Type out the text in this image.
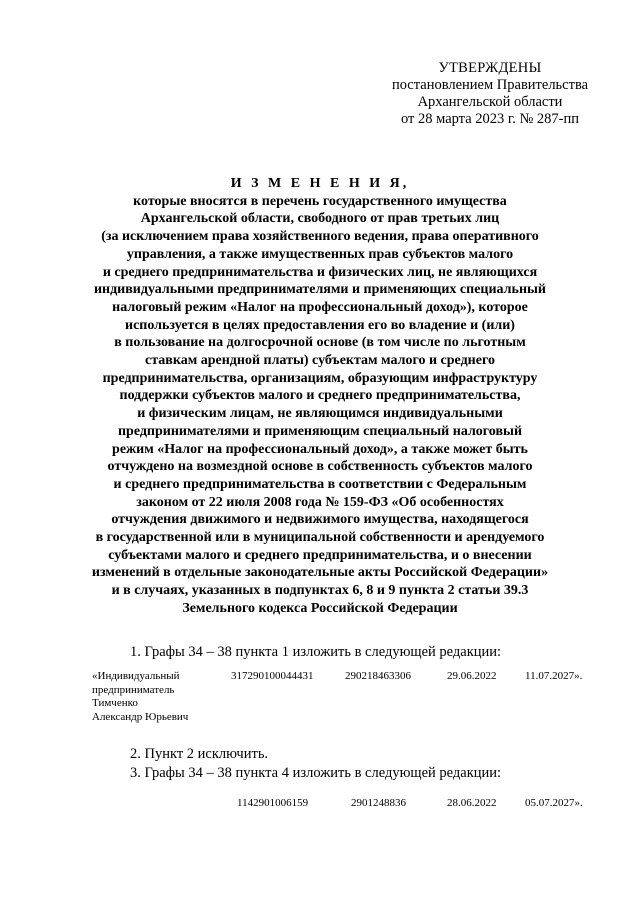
УТВЕРЖДЕНЫ
постановлением Правительства
Архангельской области
от 28 марта 2023 г. № 287-пп
И З М Е Н Е Н И Я,
которые вносятся в перечень государственного имущества
Архангельской области, свободного от прав третьих лиц
(за исключением права хозяйственного ведения, права оперативного
управления, а также имущественных прав субъектов малого
и среднего предпринимательства и физических лиц, не являющихся
индивидуальными предпринимателями и применяющих специальный
налоговый режим «Налог на профессиональный доход»), которое
используется в целях предоставления его во владение и (или)
в пользование на долгосрочной основе (в том числе по льготным
ставкам арендной платы) субъектам малого и среднего
предпринимательства, организациям, образующим инфраструктуру
поддержки субъектов малого и среднего предпринимательства,
и физическим лицам, не являющимся индивидуальными
предпринимателями и применяющим специальный налоговый
режим «Налог на профессиональный доход», а также может быть
отчуждено на возмездной основе в собственность субъектов малого
и среднего предпринимательства в соответствии с Федеральным
законом от 22 июля 2008 года № 159-ФЗ «Об особенностях
отчуждения движимого и недвижимого имущества, находящегося
в государственной или в муниципальной собственности и арендуемого
субъектами малого и среднего предпринимательства, и о внесении
изменений в отдельные законодательные акты Российской Федерации»
и в случаях, указанных в подпунктах 6, 8 и 9 пункта 2 статьи 39.3
Земельного кодекса Российской Федерации
1. Графы 34 – 38 пункта 1 изложить в следующей редакции:
«Индивидуальный
предприниматель
Тимченко
Александр Юрьевич
317290100044431	290218463306	29.06.2022	11.07.2027».
2. Пункт 2 исключить.
3. Графы 34 – 38 пункта 4 изложить в следующей редакции:
1142901006159	2901248836	28.06.2022	05.07.2027».
